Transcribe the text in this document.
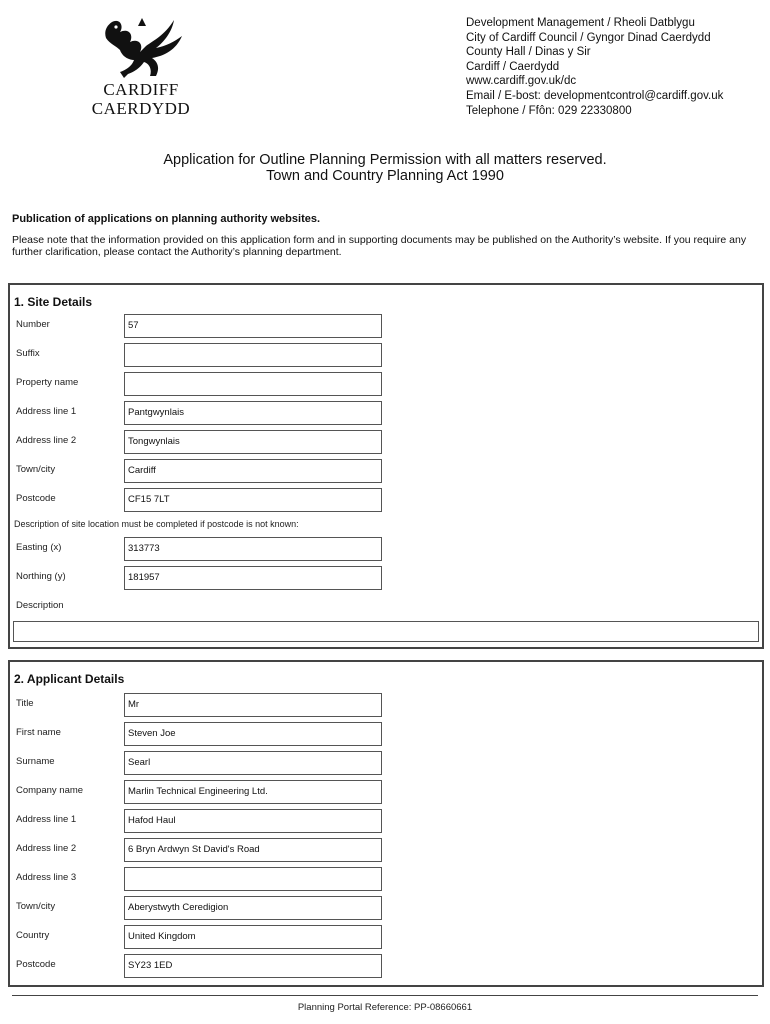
CARDIFF
CAERDYDD
Development Management / Rheoli Datblygu
City of Cardiff Council / Gyngor Dinad Caerdydd
County Hall / Dinas y Sir
Cardiff / Caerdydd
www.cardiff.gov.uk/dc
Email / E-bost: developmentcontrol@cardiff.gov.uk
Telephone / Ffôn: 029 22330800
Application for Outline Planning Permission with all matters reserved.
Town and Country Planning Act 1990
Publication of applications on planning authority websites.
Please note that the information provided on this application form and in supporting documents may be published on the Authority’s website. If you require any further clarification, please contact the Authority’s planning department.
1. Site Details
Number	57
Suffix
Property name
Address line 1	Pantgwynlais
Address line 2	Tongwynlais
Town/city	Cardiff
Postcode	CF15 7LT
Description of site location must be completed if postcode is not known:
Easting (x)	313773
Northing (y)	181957
Description
2. Applicant Details
Title	Mr
First name	Steven Joe
Surname	Searl
Company name	Marlin Technical Engineering Ltd.
Address line 1	Hafod Haul
Address line 2	6 Bryn Ardwyn St David's Road
Address line 3
Town/city	Aberystwyth Ceredigion
Country	United Kingdom
Postcode	SY23 1ED
Planning Portal Reference: PP-08660661
